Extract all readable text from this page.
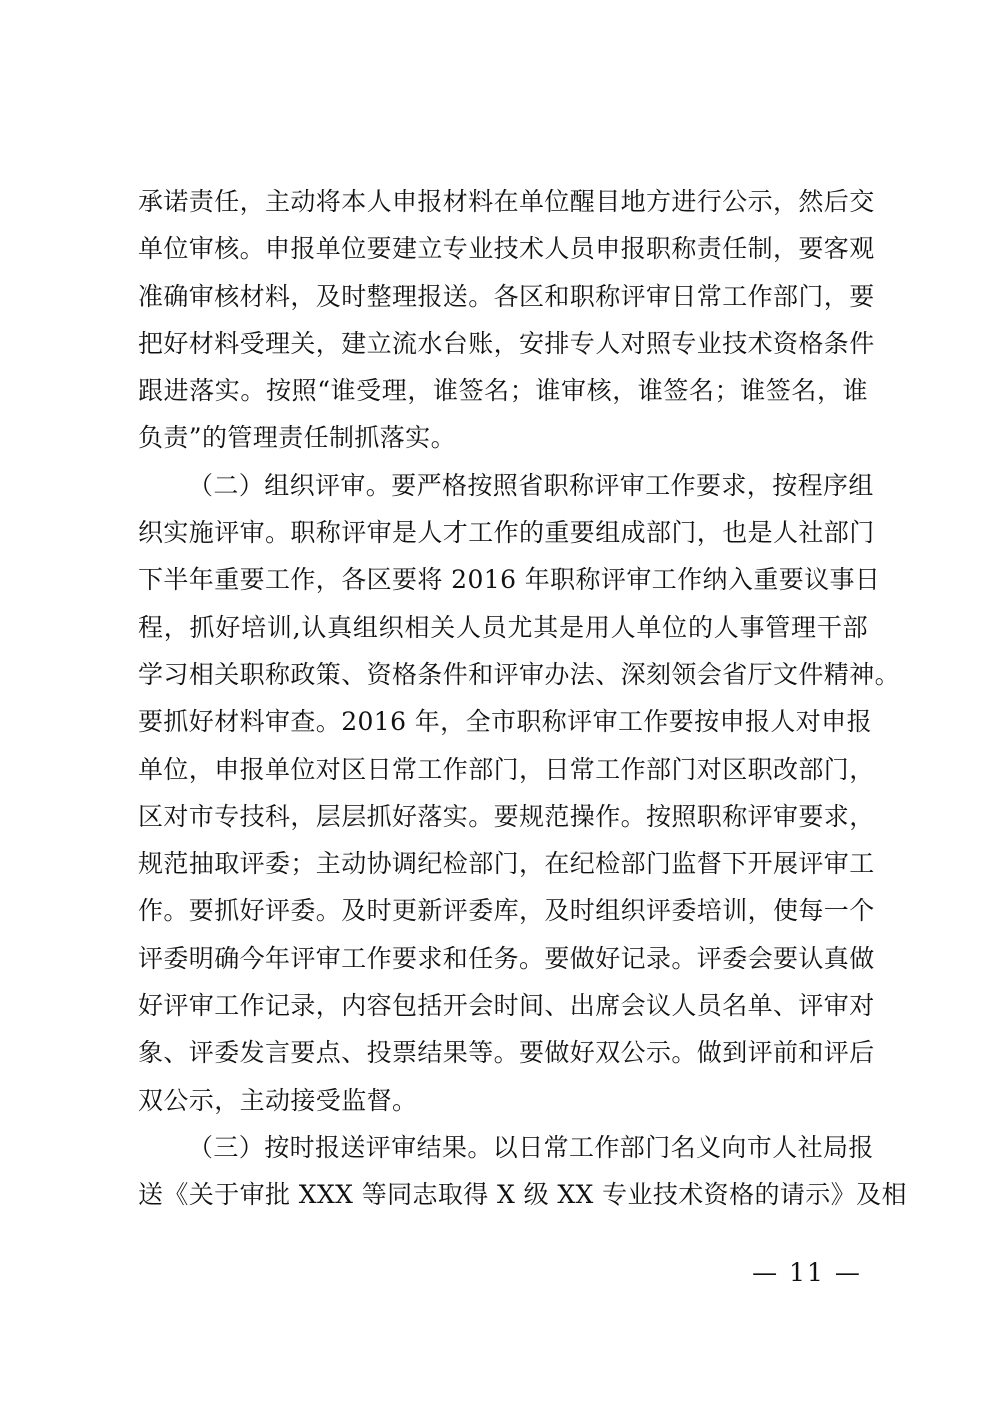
承诺责任，主动将本人申报材料在单位醒目地方进行公示，然后交
单位审核。申报单位要建立专业技术人员申报职称责任制，要客观
准确审核材料，及时整理报送。各区和职称评审日常工作部门，要
把好材料受理关，建立流水台账，安排专人对照专业技术资格条件
跟进落实。按照“谁受理，谁签名；谁审核，谁签名；谁签名，谁
负责”的管理责任制抓落实。
（二）组织评审。要严格按照省职称评审工作要求，按程序组
织实施评审。职称评审是人才工作的重要组成部门，也是人社部门
下半年重要工作，各区要将 2016 年职称评审工作纳入重要议事日
程，抓好培训,认真组织相关人员尤其是用人单位的人事管理干部
学习相关职称政策、资格条件和评审办法、深刻领会省厅文件精神。
要抓好材料审查。2016 年，全市职称评审工作要按申报人对申报
单位，申报单位对区日常工作部门，日常工作部门对区职改部门，
区对市专技科，层层抓好落实。要规范操作。按照职称评审要求，
规范抽取评委；主动协调纪检部门，在纪检部门监督下开展评审工
作。要抓好评委。及时更新评委库，及时组织评委培训，使每一个
评委明确今年评审工作要求和任务。要做好记录。评委会要认真做
好评审工作记录，内容包括开会时间、出席会议人员名单、评审对
象、评委发言要点、投票结果等。要做好双公示。做到评前和评后
双公示，主动接受监督。
（三）按时报送评审结果。以日常工作部门名义向市人社局报
送《关于审批 XXX 等同志取得 X 级 XX 专业技术资格的请示》及相
— 11 —
